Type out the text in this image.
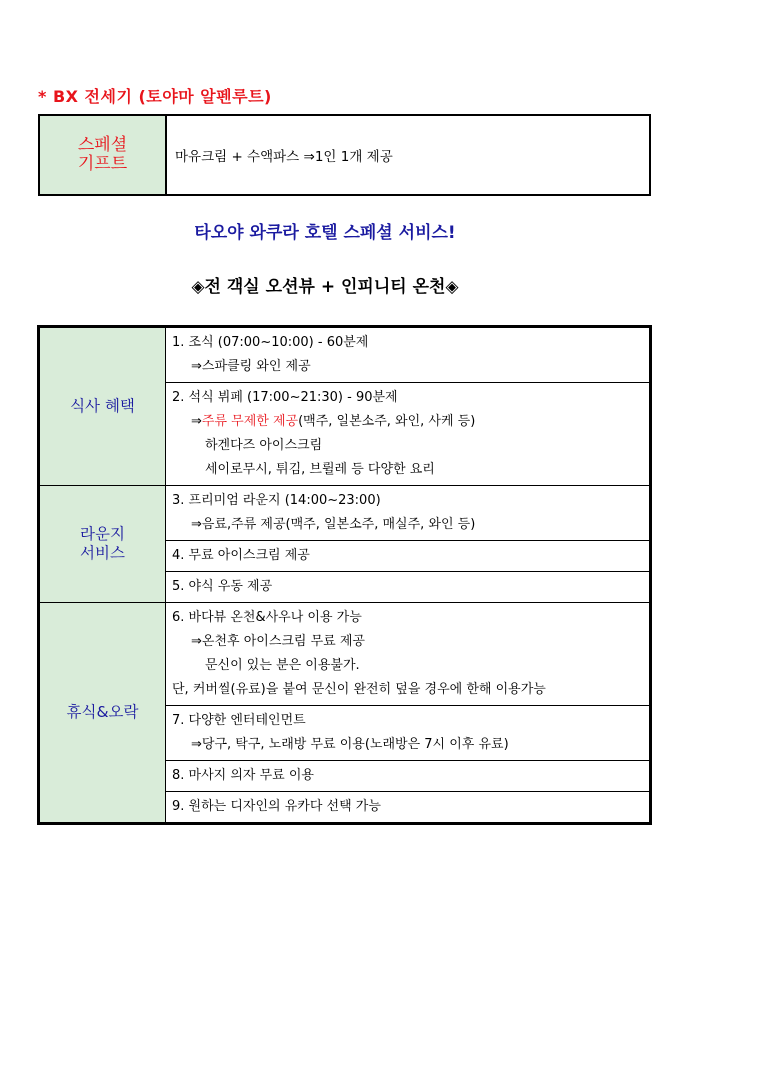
* BX 전세기 (토야마 알펜루트)
스페셜
기프트	마유크림 + 수액파스 ⇒1인 1개 제공
타오야 와쿠라 호텔 스페셜 서비스!
◈전 객실 오션뷰 + 인피니티 온천◈
식사 혜택	1. 조식 (07:00~10:00) - 60분제
⇒스파클링 와인 제공

	2. 석식 뷔페 (17:00~21:30) - 90분제
⇒주류 무제한 제공(맥주, 일본소주, 와인, 사케 등)
하겐다즈 아이스크림
세이로무시, 튀김, 브륄레 등 다양한 요리

라운지
서비스	3. 프리미엄 라운지 (14:00~23:00)
⇒음료,주류 제공(맥주, 일본소주, 매실주, 와인 등)

	4. 무료 아이스크림 제공
	5. 야식 우동 제공
휴식&오락	6. 바다뷰 온천&사우나 이용 가능
⇒온천후 아이스크림 무료 제공
문신이 있는 분은 이용불가.
단, 커버씰(유료)을 붙여 문신이 완전히 덮을 경우에 한해 이용가능

	7. 다양한 엔터테인먼트
⇒당구, 탁구, 노래방 무료 이용(노래방은 7시 이후 유료)

	8. 마사지 의자 무료 이용
	9. 원하는 디자인의 유카다 선택 가능
